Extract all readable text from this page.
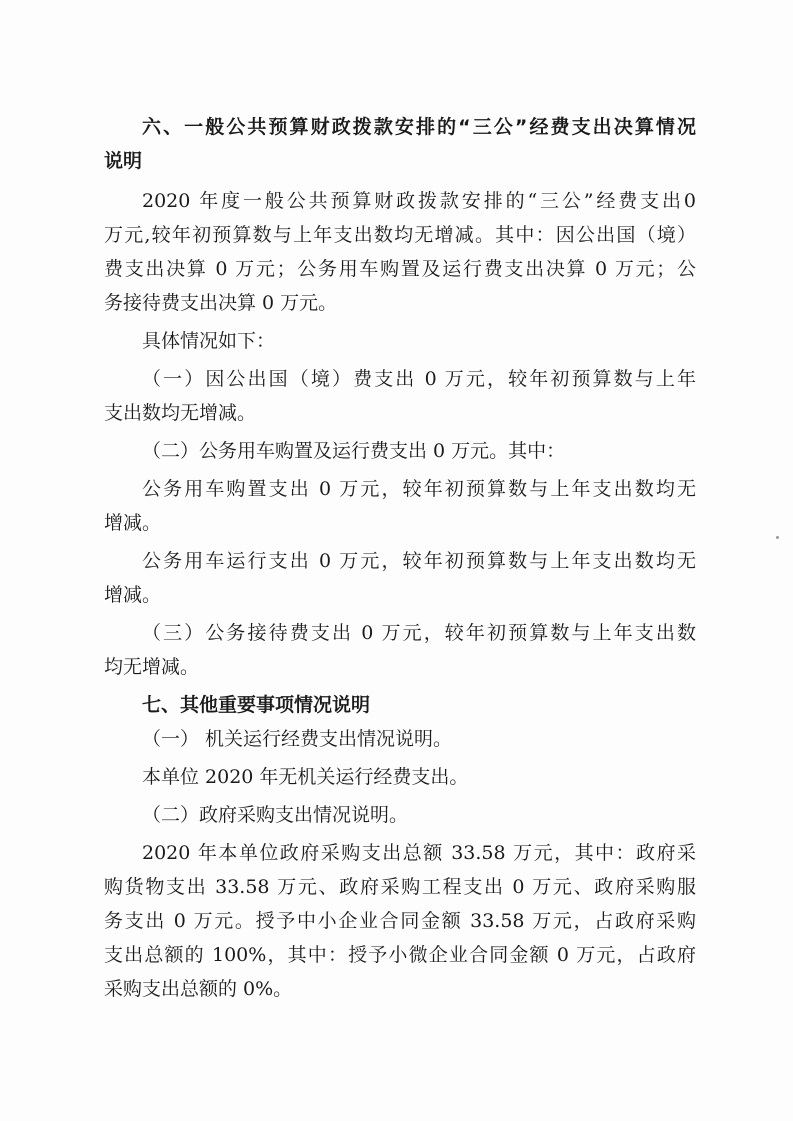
六、一般公共预算财政拨款安排的“三公”经费支出决算情况
说明
2020 年度一般公共预算财政拨款安排的“三公”经费支出0
万元,较年初预算数与上年支出数均无增减。其中：因公出国（境）
费支出决算 0 万元；公务用车购置及运行费支出决算 0 万元；公
务接待费支出决算 0 万元。
具体情况如下：
（一）因公出国（境）费支出 0 万元，较年初预算数与上年
支出数均无增减。
（二）公务用车购置及运行费支出 0 万元。其中：
公务用车购置支出 0 万元，较年初预算数与上年支出数均无
增减。
公务用车运行支出 0 万元，较年初预算数与上年支出数均无
增减。
（三）公务接待费支出 0 万元，较年初预算数与上年支出数
均无增减。
七、其他重要事项情况说明
（一） 机关运行经费支出情况说明。
本单位 2020 年无机关运行经费支出。
（二）政府采购支出情况说明。
2020 年本单位政府采购支出总额 33.58 万元，其中：政府采
购货物支出 33.58 万元、政府采购工程支出 0 万元、政府采购服
务支出 0 万元。授予中小企业合同金额 33.58 万元，占政府采购
支出总额的 100%，其中：授予小微企业合同金额 0 万元，占政府
采购支出总额的 0%。
